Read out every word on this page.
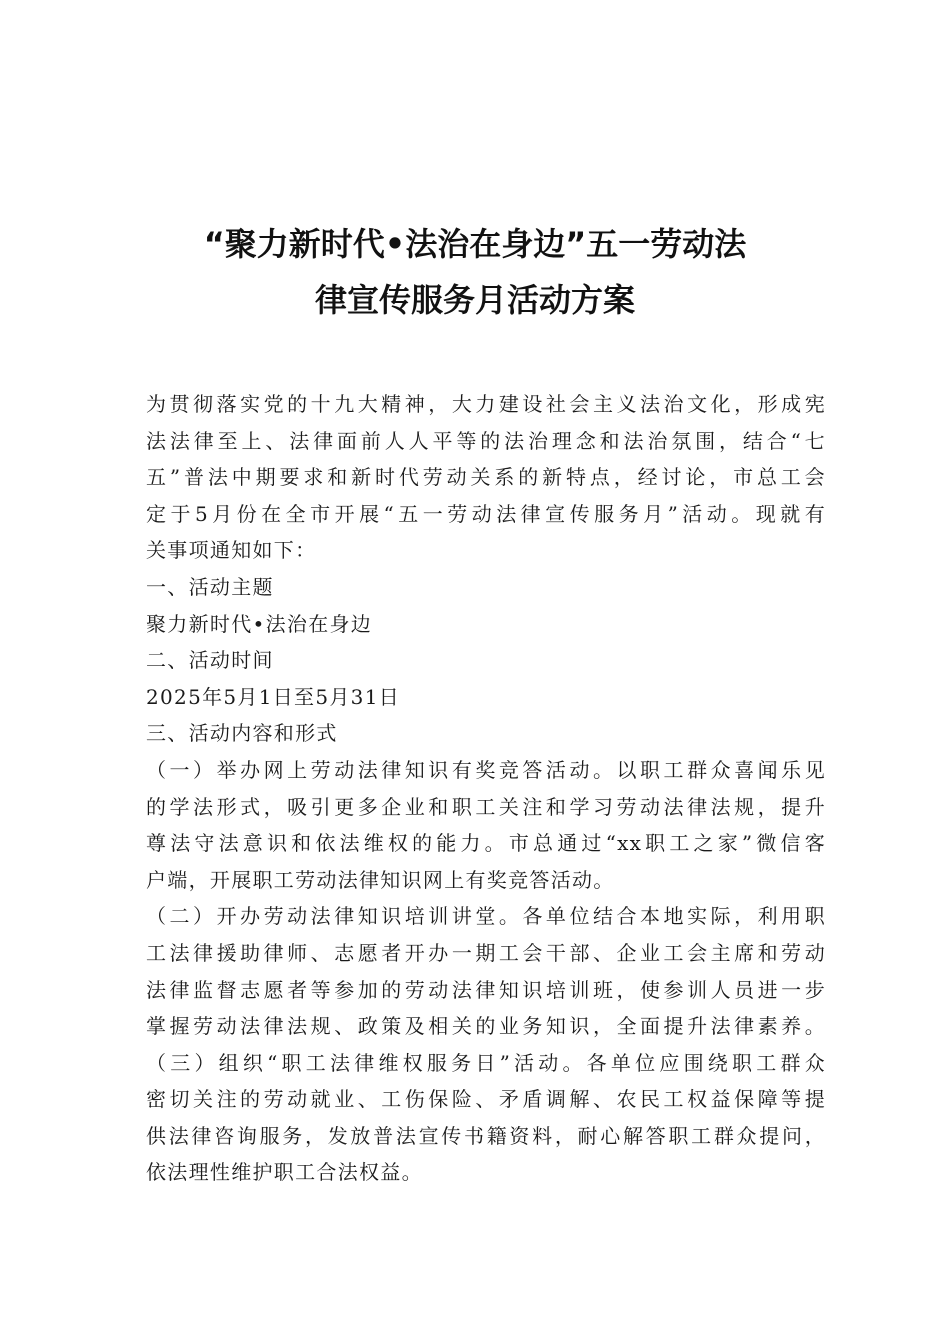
“聚力新时代•法治在身边”五一劳动法
律宣传服务月活动方案
为贯彻落实党的十九大精神，大力建设社会主义法治文化，形成宪
法法律至上、法律面前人人平等的法治理念和法治氛围，结合“七
五”普法中期要求和新时代劳动关系的新特点，经讨论，市总工会
定于5月份在全市开展“五一劳动法律宣传服务月”活动。现就有
关事项通知如下：
一、活动主题
聚力新时代•法治在身边
二、活动时间
2025年5月1日至5月31日
三、活动内容和形式
（一）举办网上劳动法律知识有奖竞答活动。以职工群众喜闻乐见
的学法形式，吸引更多企业和职工关注和学习劳动法律法规，提升
尊法守法意识和依法维权的能力。市总通过“xx职工之家”微信客
户端，开展职工劳动法律知识网上有奖竞答活动。
（二）开办劳动法律知识培训讲堂。各单位结合本地实际，利用职
工法律援助律师、志愿者开办一期工会干部、企业工会主席和劳动
法律监督志愿者等参加的劳动法律知识培训班，使参训人员进一步
掌握劳动法律法规、政策及相关的业务知识，全面提升法律素养。
（三）组织“职工法律维权服务日”活动。各单位应围绕职工群众
密切关注的劳动就业、工伤保险、矛盾调解、农民工权益保障等提
供法律咨询服务，发放普法宣传书籍资料，耐心解答职工群众提问，
依法理性维护职工合法权益。
